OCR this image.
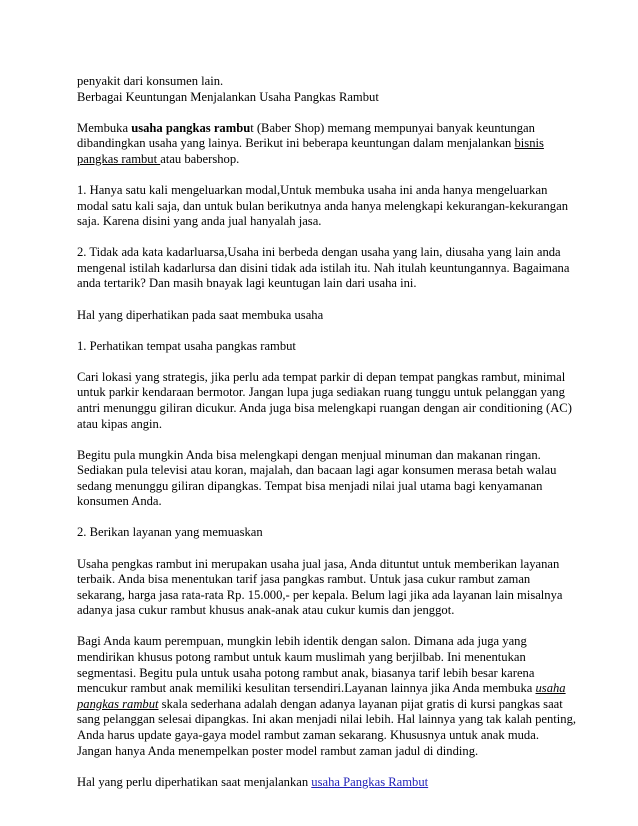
penyakit dari konsumen lain.

Berbagai Keuntungan Menjalankan Usaha Pangkas Rambut

Membuka usaha pangkas rambut (Baber Shop) memang mempunyai banyak keuntungan dibandingkan usaha yang lainya. Berikut ini beberapa keuntungan dalam menjalankan bisnis pangkas rambut atau babershop.

1. Hanya satu kali mengeluarkan modal,Untuk membuka usaha ini anda hanya mengeluarkan modal satu kali saja, dan untuk bulan berikutnya anda hanya melengkapi kekurangan-kekurangan saja. Karena disini yang anda jual hanyalah jasa.

2. Tidak ada kata kadarluarsa,Usaha ini berbeda dengan usaha yang lain, diusaha yang lain anda mengenal istilah kadarlursa dan disini tidak ada istilah itu. Nah itulah keuntungannya. Bagaimana anda tertarik? Dan masih bnayak lagi keuntugan lain dari usaha ini.

Hal yang diperhatikan pada saat membuka usaha

1. Perhatikan tempat usaha pangkas rambut

Cari lokasi yang strategis, jika perlu ada tempat parkir di depan tempat pangkas rambut, minimal untuk parkir kendaraan bermotor. Jangan lupa juga sediakan ruang tunggu untuk pelanggan yang antri menunggu giliran dicukur. Anda juga bisa melengkapi ruangan dengan air conditioning (AC) atau kipas angin.

Begitu pula mungkin Anda bisa melengkapi dengan menjual minuman dan makanan ringan. Sediakan pula televisi atau koran, majalah, dan bacaan lagi agar konsumen merasa betah walau sedang menunggu giliran dipangkas. Tempat bisa menjadi nilai jual utama bagi kenyamanan konsumen Anda.

2. Berikan layanan yang memuaskan

Usaha pengkas rambut ini merupakan usaha jual jasa, Anda dituntut untuk memberikan layanan terbaik. Anda bisa menentukan tarif jasa pangkas rambut. Untuk jasa cukur rambut zaman sekarang, harga jasa rata-rata Rp. 15.000,- per kepala. Belum lagi jika ada layanan lain misalnya adanya jasa cukur rambut khusus anak-anak atau cukur kumis dan jenggot.

Bagi Anda kaum perempuan, mungkin lebih identik dengan salon. Dimana ada juga yang mendirikan khusus potong rambut untuk kaum muslimah yang berjilbab. Ini menentukan segmentasi. Begitu pula untuk usaha potong rambut anak, biasanya tarif lebih besar karena mencukur rambut anak memiliki kesulitan tersendiri.Layanan lainnya jika Anda membuka usaha pangkas rambut skala sederhana adalah dengan adanya layanan pijat gratis di kursi pangkas saat sang pelanggan selesai dipangkas. Ini akan menjadi nilai lebih. Hal lainnya yang tak kalah penting, Anda harus update gaya-gaya model rambut zaman sekarang. Khususnya untuk anak muda. Jangan hanya Anda menempelkan poster model rambut zaman jadul di dinding.

Hal yang perlu diperhatikan saat menjalankan usaha Pangkas Rambut
